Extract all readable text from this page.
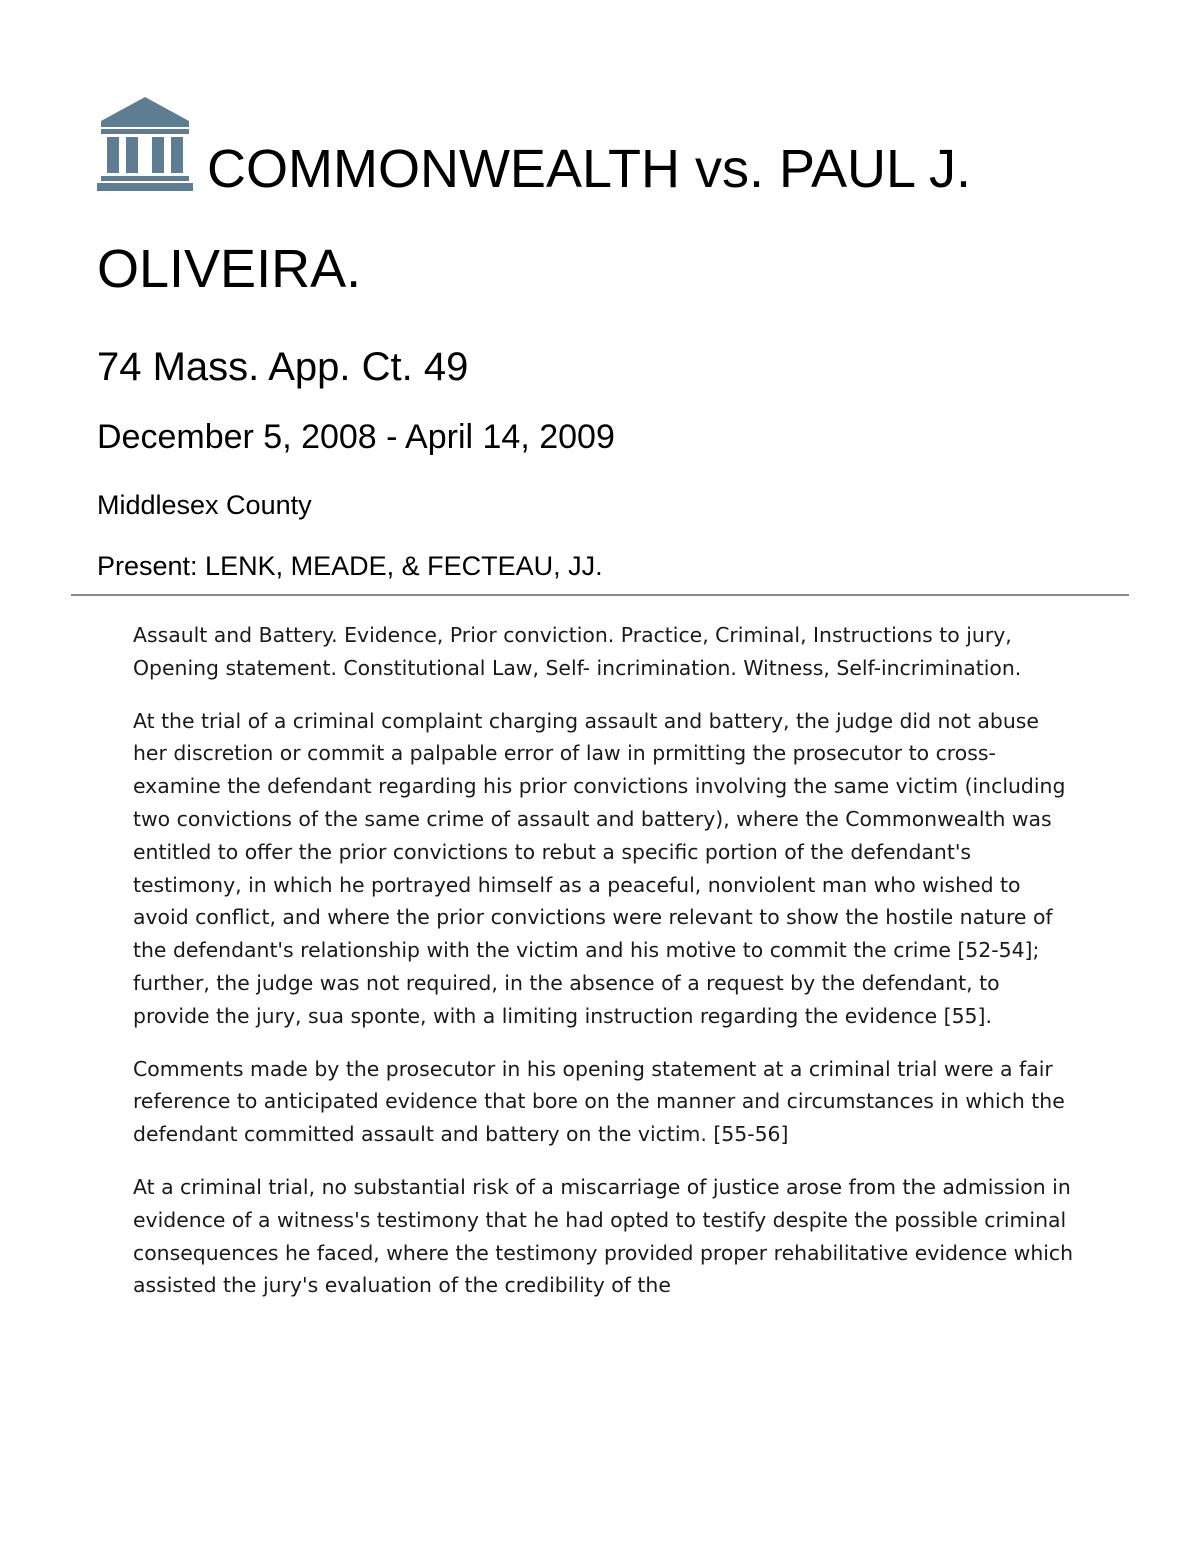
COMMONWEALTH vs. PAUL J. OLIVEIRA.
74 Mass. App. Ct. 49
December 5, 2008 - April 14, 2009
Middlesex County
Present: LENK, MEADE, & FECTEAU, JJ.

Assault and Battery. Evidence, Prior conviction. Practice, Criminal, Instructions to jury, Opening statement. Constitutional Law, Self- incrimination. Witness, Self-incrimination.

At the trial of a criminal complaint charging assault and battery, the judge did not abuse her discretion or commit a palpable error of law in prmitting the prosecutor to cross-examine the defendant regarding his prior convictions involving the same victim (including two convictions of the same crime of assault and battery), where the Commonwealth was entitled to offer the prior convictions to rebut a specific portion of the defendant's testimony, in which he portrayed himself as a peaceful, nonviolent man who wished to avoid conflict, and where the prior convictions were relevant to show the hostile nature of the defendant's relationship with the victim and his motive to commit the crime [52-54]; further, the judge was not required, in the absence of a request by the defendant, to provide the jury, sua sponte, with a limiting instruction regarding the evidence [55].

Comments made by the prosecutor in his opening statement at a criminal trial were a fair reference to anticipated evidence that bore on the manner and circumstances in which the defendant committed assault and battery on the victim. [55-56]

At a criminal trial, no substantial risk of a miscarriage of justice arose from the admission in evidence of a witness's testimony that he had opted to testify despite the possible criminal consequences he faced, where the testimony provided proper rehabilitative evidence which assisted the jury's evaluation of the credibility of the
